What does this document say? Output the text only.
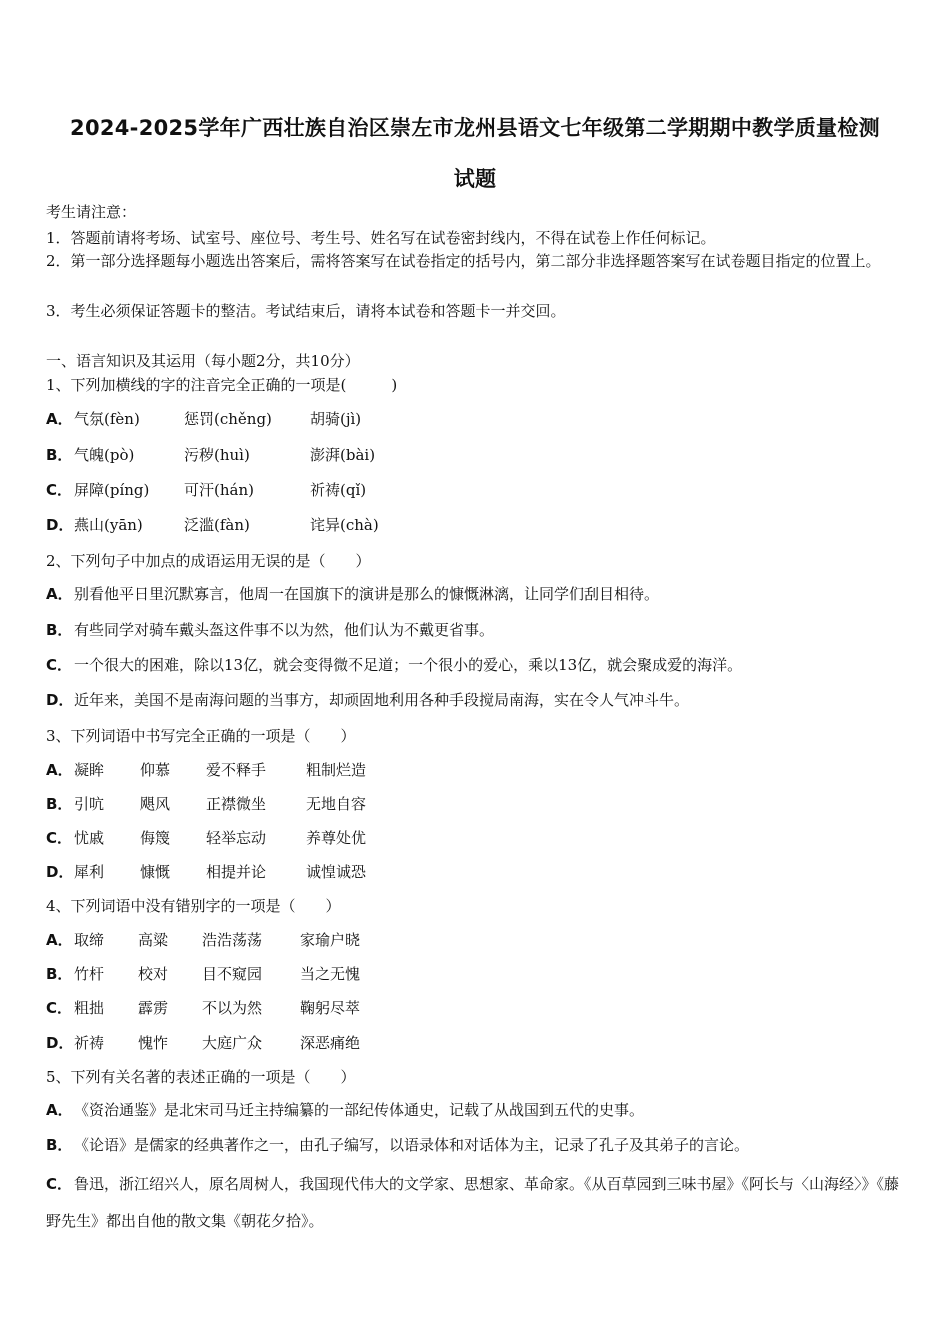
2024-2025学年广西壮族自治区崇左市龙州县语文七年级第二学期期中教学质量检测
试题
考生请注意：
1．答题前请将考场、试室号、座位号、考生号、姓名写在试卷密封线内，不得在试卷上作任何标记。
2．第一部分选择题每小题选出答案后，需将答案写在试卷指定的括号内，第二部分非选择题答案写在试卷题目指定的位置上。
3．考生必须保证答题卡的整洁。考试结束后，请将本试卷和答题卡一并交回。
一、语言知识及其运用（每小题2分，共10分）
1、下列加横线的字的注音完全正确的一项是(　　　)
A．气氛(fèn)	惩罚(chěng)	胡骑(jì)
B． 气魄(pò)	污秽(huì)	澎湃(bài)
C． 屏障(píng) 可汗(hán)	祈祷(qǐ)
D．燕山(yān)	泛滥(fàn)	诧异(chà)
2、下列句子中加点的成语运用无误的是（　　）
A．别看他平日里沉默寡言，他周一在国旗下的演讲是那么的慷慨淋漓，让同学们刮目相待。
B． 有些同学对骑车戴头盔这件事不以为然，他们认为不戴更省事。
C． 一个很大的困难，除以13亿，就会变得微不足道；一个很小的爱心，乘以13亿，就会聚成爱的海洋。
D．近年来，美国不是南海问题的当事方，却顽固地利用各种手段搅局南海，实在令人气冲斗牛。
3、下列词语中书写完全正确的一项是（　　）
A．凝眸 仰慕 爱不释手	粗制烂造
B． 引吭 飓风 正襟微坐	无地自容
C． 忧戚 侮篾 轻举忘动	养尊处优
D．犀利 慷慨 相提并论	诚惶诚恐
4、下列词语中没有错别字的一项是（　　）
A．取缔 高粱 浩浩荡荡	家瑜户晓
B． 竹杆 校对 目不窥园	当之无愧
C． 粗拙 霹雳 不以为然	鞠躬尽萃
D．祈祷 愧怍 大庭广众	深恶痛绝
5、下列有关名著的表述正确的一项是（　　）
A．《资治通鉴》是北宋司马迁主持编纂的一部纪传体通史，记载了从战国到五代的史事。
B． 《论语》是儒家的经典著作之一，由孔子编写，以语录体和对话体为主，记录了孔子及其弟子的言论。
C． 鲁迅，浙江绍兴人，原名周树人，我国现代伟大的文学家、思想家、革命家。《从百草园到三味书屋》《阿长与〈山海经〉》《藤野先生》都出自他的散文集《朝花夕拾》。
